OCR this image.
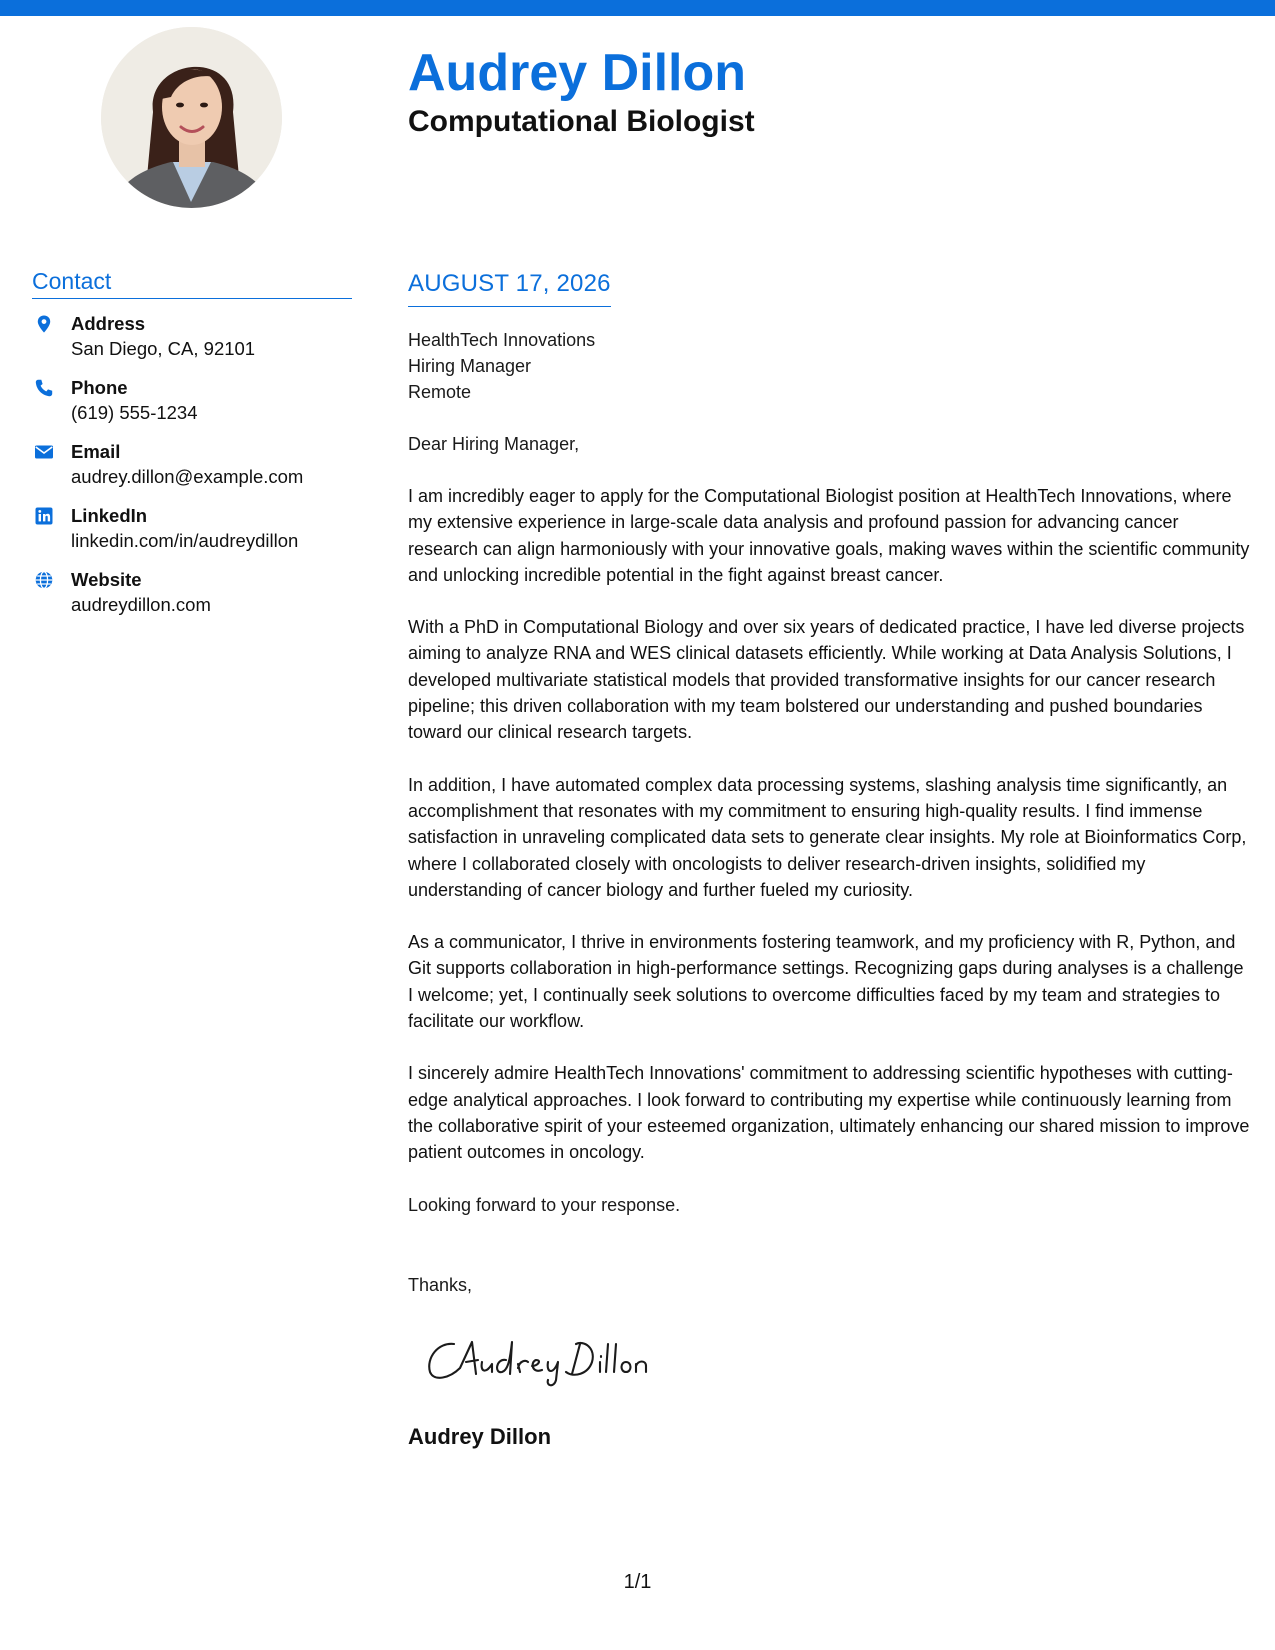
Audrey Dillon
Computational Biologist
Contact
Address
San Diego, CA, 92101
Phone
(619) 555-1234
Email
audrey.dillon@example.com
LinkedIn
linkedin.com/in/audreydillon
Website
audreydillon.com
AUGUST 17, 2026
HealthTech Innovations
Hiring Manager
Remote
Dear Hiring Manager,

I am incredibly eager to apply for the Computational Biologist position at HealthTech Innovations, where my extensive experience in large-scale data analysis and profound passion for advancing cancer research can align harmoniously with your innovative goals, making waves within the scientific community and unlocking incredible potential in the fight against breast cancer.

With a PhD in Computational Biology and over six years of dedicated practice, I have led diverse projects aiming to analyze RNA and WES clinical datasets efficiently. While working at Data Analysis Solutions, I developed multivariate statistical models that provided transformative insights for our cancer research pipeline; this driven collaboration with my team bolstered our understanding and pushed boundaries toward our clinical research targets.

In addition, I have automated complex data processing systems, slashing analysis time significantly, an accomplishment that resonates with my commitment to ensuring high-quality results. I find immense satisfaction in unraveling complicated data sets to generate clear insights. My role at Bioinformatics Corp, where I collaborated closely with oncologists to deliver research-driven insights, solidified my understanding of cancer biology and further fueled my curiosity.

As a communicator, I thrive in environments fostering teamwork, and my proficiency with R, Python, and Git supports collaboration in high-performance settings. Recognizing gaps during analyses is a challenge I welcome; yet, I continually seek solutions to overcome difficulties faced by my team and strategies to facilitate our workflow.

I sincerely admire HealthTech Innovations' commitment to addressing scientific hypotheses with cutting-edge analytical approaches. I look forward to contributing my expertise while continuously learning from the collaborative spirit of your esteemed organization, ultimately enhancing our shared mission to improve patient outcomes in oncology.

Looking forward to your response.
Thanks,
Audrey Dillon
1/1
